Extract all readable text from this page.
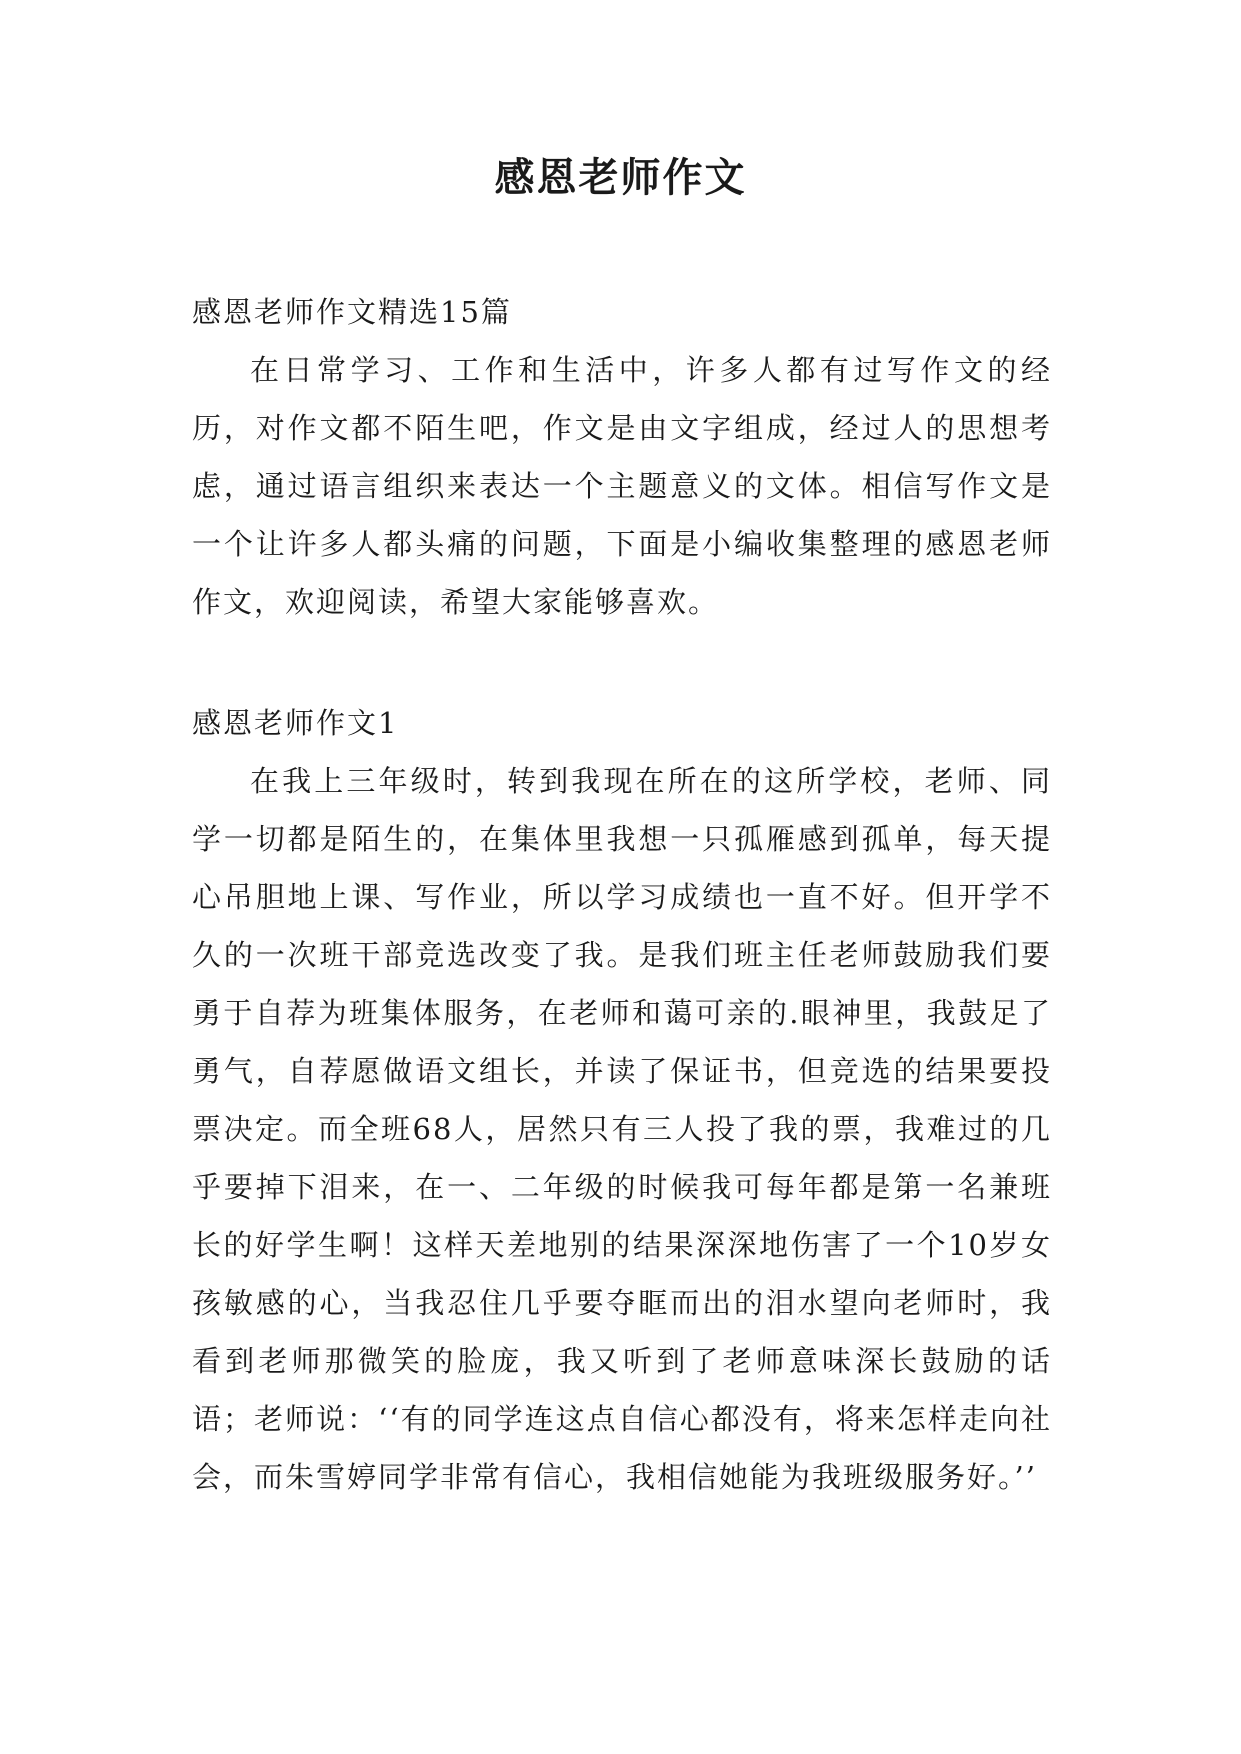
感恩老师作文
感恩老师作文精选15篇

在日常学习、工作和生活中，许多人都有过写作文的经历，对作文都不陌生吧，作文是由文字组成，经过人的思想考虑，通过语言组织来表达一个主题意义的文体。相信写作文是一个让许多人都头痛的问题，下面是小编收集整理的感恩老师作文，欢迎阅读，希望大家能够喜欢。

感恩老师作文1

在我上三年级时，转到我现在所在的这所学校，老师、同学一切都是陌生的，在集体里我想一只孤雁感到孤单，每天提心吊胆地上课、写作业，所以学习成绩也一直不好。但开学不久的一次班干部竞选改变了我。是我们班主任老师鼓励我们要勇于自荐为班集体服务，在老师和蔼可亲的.眼神里，我鼓足了勇气，自荐愿做语文组长，并读了保证书，但竞选的结果要投票决定。而全班68人，居然只有三人投了我的票，我难过的几乎要掉下泪来，在一、二年级的时候我可每年都是第一名兼班长的好学生啊！这样天差地别的结果深深地伤害了一个10岁女孩敏感的心，当我忍住几乎要夺眶而出的泪水望向老师时，我看到老师那微笑的脸庞，我又听到了老师意味深长鼓励的话语；老师说：‘‘有的同学连这点自信心都没有，将来怎样走向社会，而朱雪婷同学非常有信心，我相信她能为我班级服务好。’’
